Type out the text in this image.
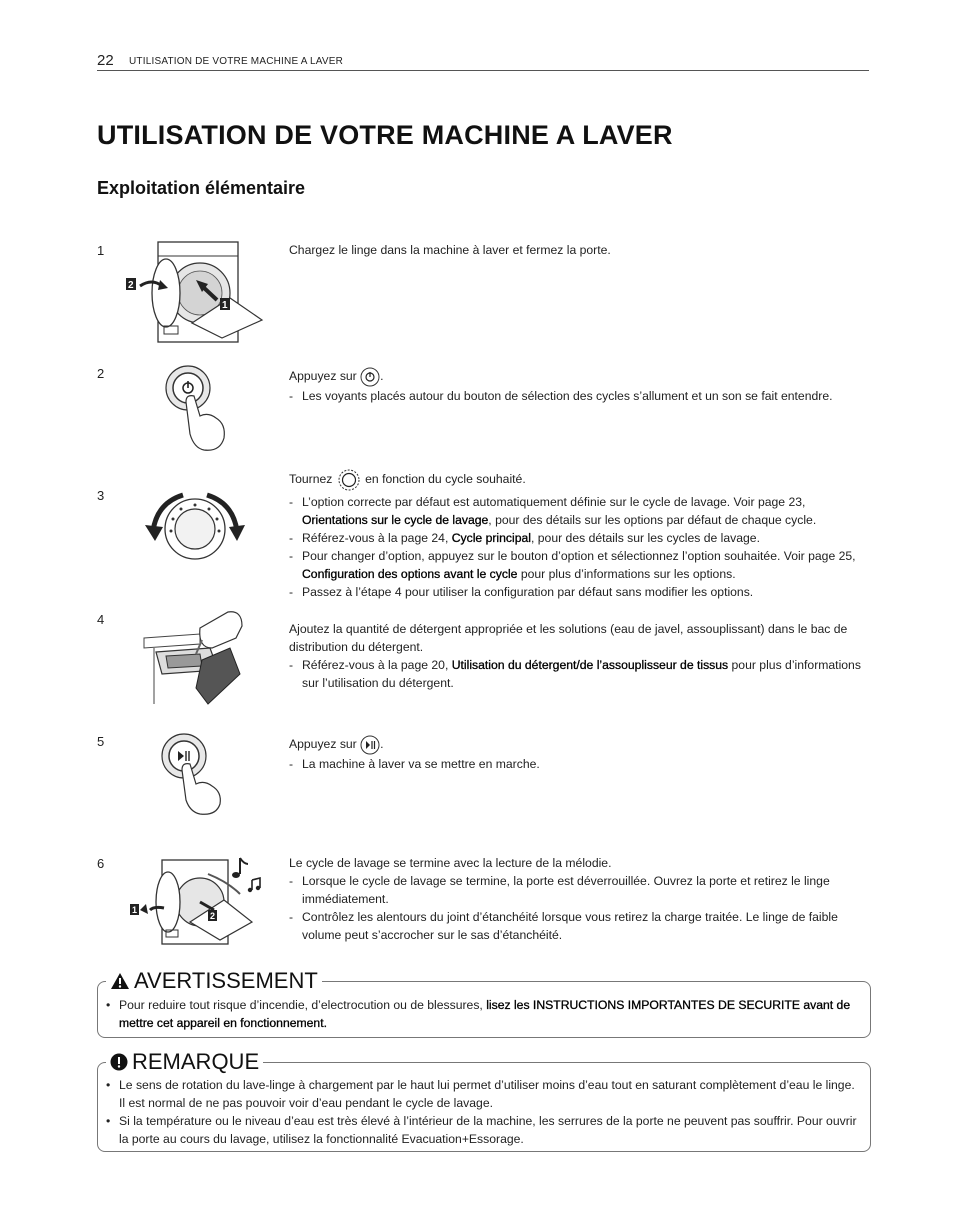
22 UTILISATION DE VOTRE MACHINE A LAVER
UTILISATION DE VOTRE MACHINE A LAVER
Exploitation élémentaire
1
2
1
Chargez le linge dans la machine à laver et fermez la porte.
2	Appuyez sur .
- Les voyants placés autour du bouton de sélection des cycles s’allument et un son se fait entendre.
3
Tournez	en fonction du cycle souhaité.
- L’option correcte par défaut est automatiquement définie sur le cycle de lavage. Voir page 23, Orientations sur le cycle de lavage, pour des détails sur les options par défaut de chaque cycle.
- Référez-vous à la page 24, Cycle principal, pour des détails sur les cycles de lavage.
- Pour changer d’option, appuyez sur le bouton d’option et sélectionnez l’option souhaitée. Voir page 25, Configuration des options avant le cycle pour plus d’informations sur les options.
- Passez à l’étape 4 pour utiliser la configuration par défaut sans modifier les options.
4
Ajoutez la quantité de détergent appropriée et les solutions (eau de javel, assouplissant) dans le bac de distribution du détergent.
- Référez-vous à la page 20, Utilisation du détergent/de l’assouplisseur de tissus pour plus d’informations sur l’utilisation du détergent.
5	Appuyez sur .
- La machine à laver va se mettre en marche.
6
1
2
Le cycle de lavage se termine avec la lecture de la mélodie.
- Lorsque le cycle de lavage se termine, la porte est déverrouillée. Ouvrez la porte et retirez le linge immédiatement.
- Contrôlez les alentours du joint d’étanchéité lorsque vous retirez la charge traitée. Le linge de faible volume peut s’accrocher sur le sas d’étanchéité.
AVERTISSEMENT
• Pour reduire tout risque d’incendie, d’electrocution ou de blessures, lisez les INSTRUCTIONS IMPORTANTES DE SECURITE avant de mettre cet appareil en fonctionnement.
REMARQUE
• Le sens de rotation du lave-linge à chargement par le haut lui permet d’utiliser moins d’eau tout en saturant complètement d’eau le linge. Il est normal de ne pas pouvoir voir d’eau pendant le cycle de lavage.
• Si la température ou le niveau d’eau est très élevé à l’intérieur de la machine, les serrures de la porte ne peuvent pas souffrir. Pour ouvrir la porte au cours du lavage, utilisez la fonctionnalité Evacuation+Essorage.
